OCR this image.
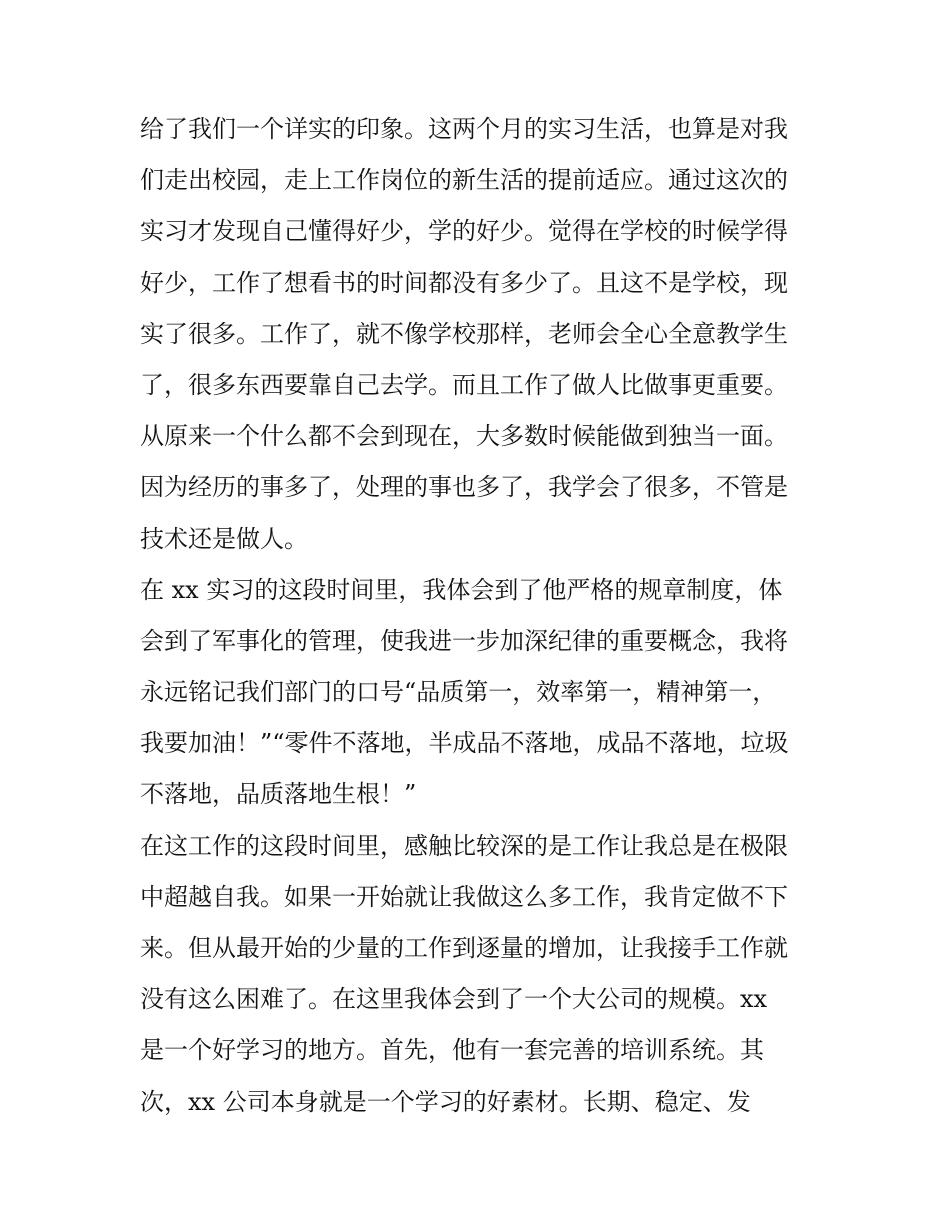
给了我们一个详实的印象。这两个月的实习生活，也算是对我
们走出校园，走上工作岗位的新生活的提前适应。通过这次的
实习才发现自己懂得好少，学的好少。觉得在学校的时候学得
好少，工作了想看书的时间都没有多少了。且这不是学校，现
实了很多。工作了，就不像学校那样，老师会全心全意教学生
了，很多东西要靠自己去学。而且工作了做人比做事更重要。
从原来一个什么都不会到现在，大多数时候能做到独当一面。
因为经历的事多了，处理的事也多了，我学会了很多，不管是
技术还是做人。
在 xx 实习的这段时间里，我体会到了他严格的规章制度，体
会到了军事化的管理，使我进一步加深纪律的重要概念，我将
永远铭记我们部门的口号“品质第一，效率第一，精神第一，
我要加油！”“零件不落地，半成品不落地，成品不落地，垃圾
不落地，品质落地生根！”
在这工作的这段时间里，感触比较深的是工作让我总是在极限
中超越自我。如果一开始就让我做这么多工作，我肯定做不下
来。但从最开始的少量的工作到逐量的增加，让我接手工作就
没有这么困难了。在这里我体会到了一个大公司的规模。xx
是一个好学习的地方。首先，他有一套完善的培训系统。其
次，xx 公司本身就是一个学习的好素材。长期、稳定、发
